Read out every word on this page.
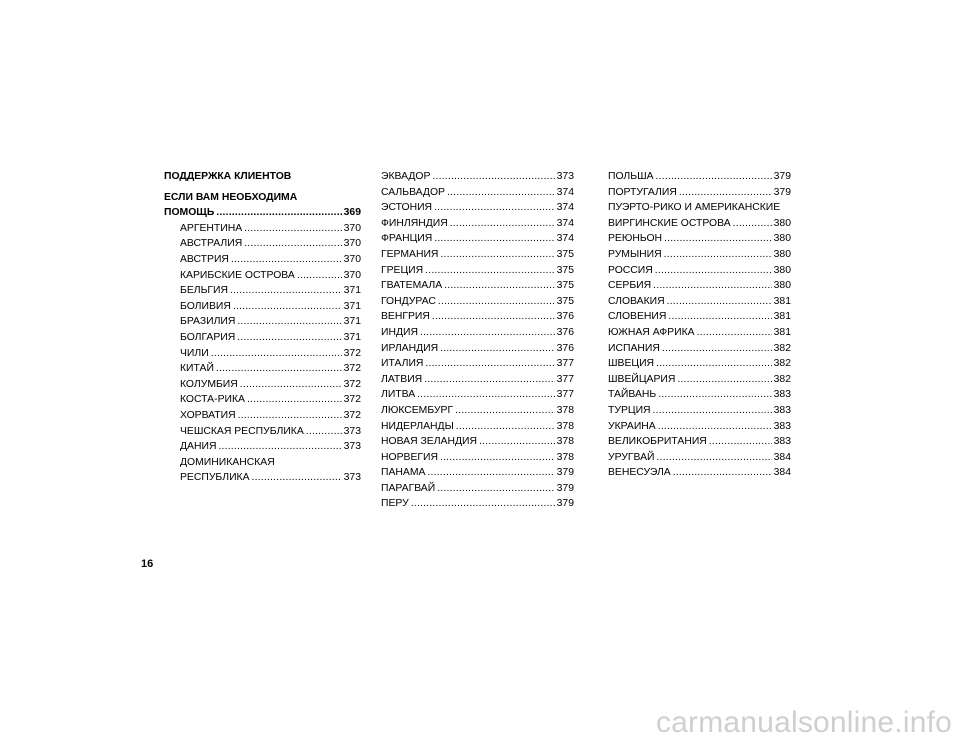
ПОДДЕРЖКА КЛИЕНТОВ
ЕСЛИ ВАМ НЕОБХОДИМА
ПОМОЩЬ .....	369
АРГЕНТИНА .....	370
АВСТРАЛИЯ .....	370
АВСТРИЯ .....	370
КАРИБСКИЕ ОСТРОВА .....	370
БЕЛЬГИЯ .....	371
БОЛИВИЯ .....	371
БРАЗИЛИЯ .....	371
БОЛГАРИЯ .....	371
ЧИЛИ .....	372
КИТАЙ .....	372
КОЛУМБИЯ .....	372
КОСТА-РИКА .....	372
ХОРВАТИЯ .....	372
ЧЕШСКАЯ РЕСПУБЛИКА .....	373
ДАНИЯ .....	373
ДОМИНИКАНСКАЯ
РЕСПУБЛИКА .....	373
ЭКВАДОР .....	373
САЛЬВАДОР .....	374
ЭСТОНИЯ .....	374
ФИНЛЯНДИЯ .....	374
ФРАНЦИЯ .....	374
ГЕРМАНИЯ .....	375
ГРЕЦИЯ .....	375
ГВАТЕМАЛА .....	375
ГОНДУРАС .....	375
ВЕНГРИЯ .....	376
ИНДИЯ .....	376
ИРЛАНДИЯ .....	376
ИТАЛИЯ .....	377
ЛАТВИЯ .....	377
ЛИТВА .....	377
ЛЮКСЕМБУРГ .....	378
НИДЕРЛАНДЫ .....	378
НОВАЯ ЗЕЛАНДИЯ .....	378
НОРВЕГИЯ .....	378
ПАНАМА .....	379
ПАРАГВАЙ .....	379
ПЕРУ .....	379
ПОЛЬША .....	379
ПОРТУГАЛИЯ .....	379
ПУЭРТО-РИКО И АМЕРИКАНСКИЕ
ВИРГИНСКИЕ ОСТРОВА .....	380
РЕЮНЬОН .....	380
РУМЫНИЯ .....	380
РОССИЯ .....	380
СЕРБИЯ .....	380
СЛОВАКИЯ .....	381
СЛОВЕНИЯ .....	381
ЮЖНАЯ АФРИКА .....	381
ИСПАНИЯ .....	382
ШВЕЦИЯ .....	382
ШВЕЙЦАРИЯ .....	382
ТАЙВАНЬ .....	383
ТУРЦИЯ .....	383
УКРАИНА .....	383
ВЕЛИКОБРИТАНИЯ .....	383
УРУГВАЙ .....	384
ВЕНЕСУЭЛА .....	384
16
carmanualsonline.info
